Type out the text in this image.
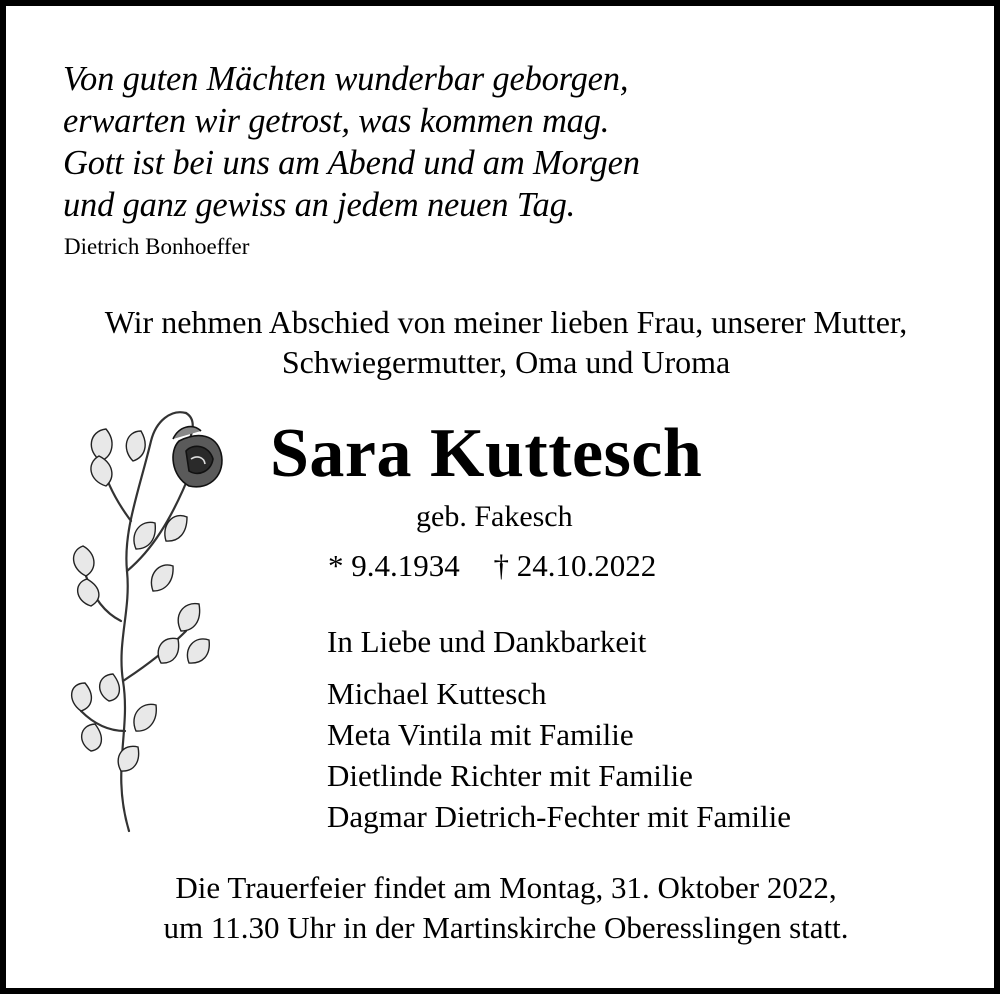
Von guten Mächten wunderbar geborgen,
erwarten wir getrost, was kommen mag.
Gott ist bei uns am Abend und am Morgen
und ganz gewiss an jedem neuen Tag.
Dietrich Bonhoeffer
Wir nehmen Abschied von meiner lieben Frau, unserer Mutter,
Schwiegermutter, Oma und Uroma
Sara Kuttesch
geb. Fakesch
* 9.4.1934 † 24.10.2022
In Liebe und Dankbarkeit
Michael Kuttesch
Meta Vintila mit Familie
Dietlinde Richter mit Familie
Dagmar Dietrich-Fechter mit Familie
Die Trauerfeier findet am Montag, 31. Oktober 2022,
um 11.30 Uhr in der Martinskirche Oberesslingen statt.
